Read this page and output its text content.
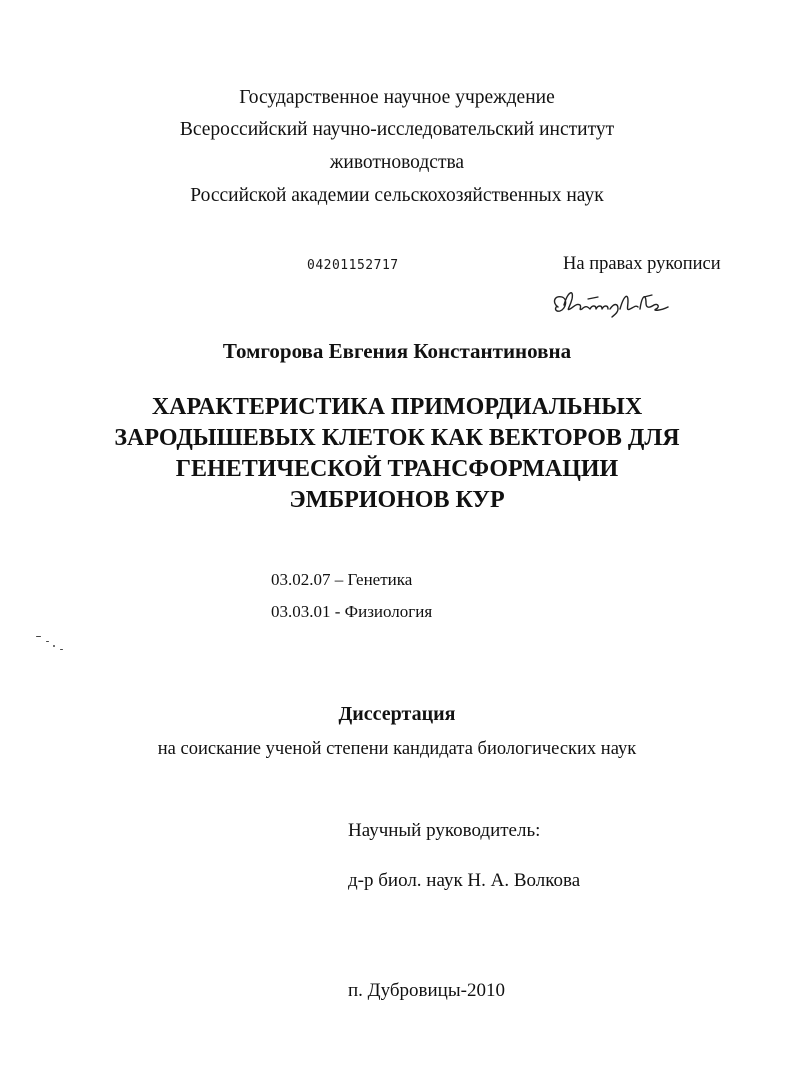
Государственное научное учреждение
Всероссийский научно-исследовательский институт
животноводства
Российской академии сельскохозяйственных наук
04201152717	На правах рукописи
Томгорова Евгения Константиновна
ХАРАКТЕРИСТИКА ПРИМОРДИАЛЬНЫХ
ЗАРОДЫШЕВЫХ КЛЕТОК КАК ВЕКТОРОВ ДЛЯ
ГЕНЕТИЧЕСКОЙ ТРАНСФОРМАЦИИ
ЭМБРИОНОВ КУР
03.02.07 – Генетика
03.03.01 - Физиология
Диссертация
на соискание ученой степени кандидата биологических наук
Научный руководитель:
д-р биол. наук Н. А. Волкова
п. Дубровицы-2010
